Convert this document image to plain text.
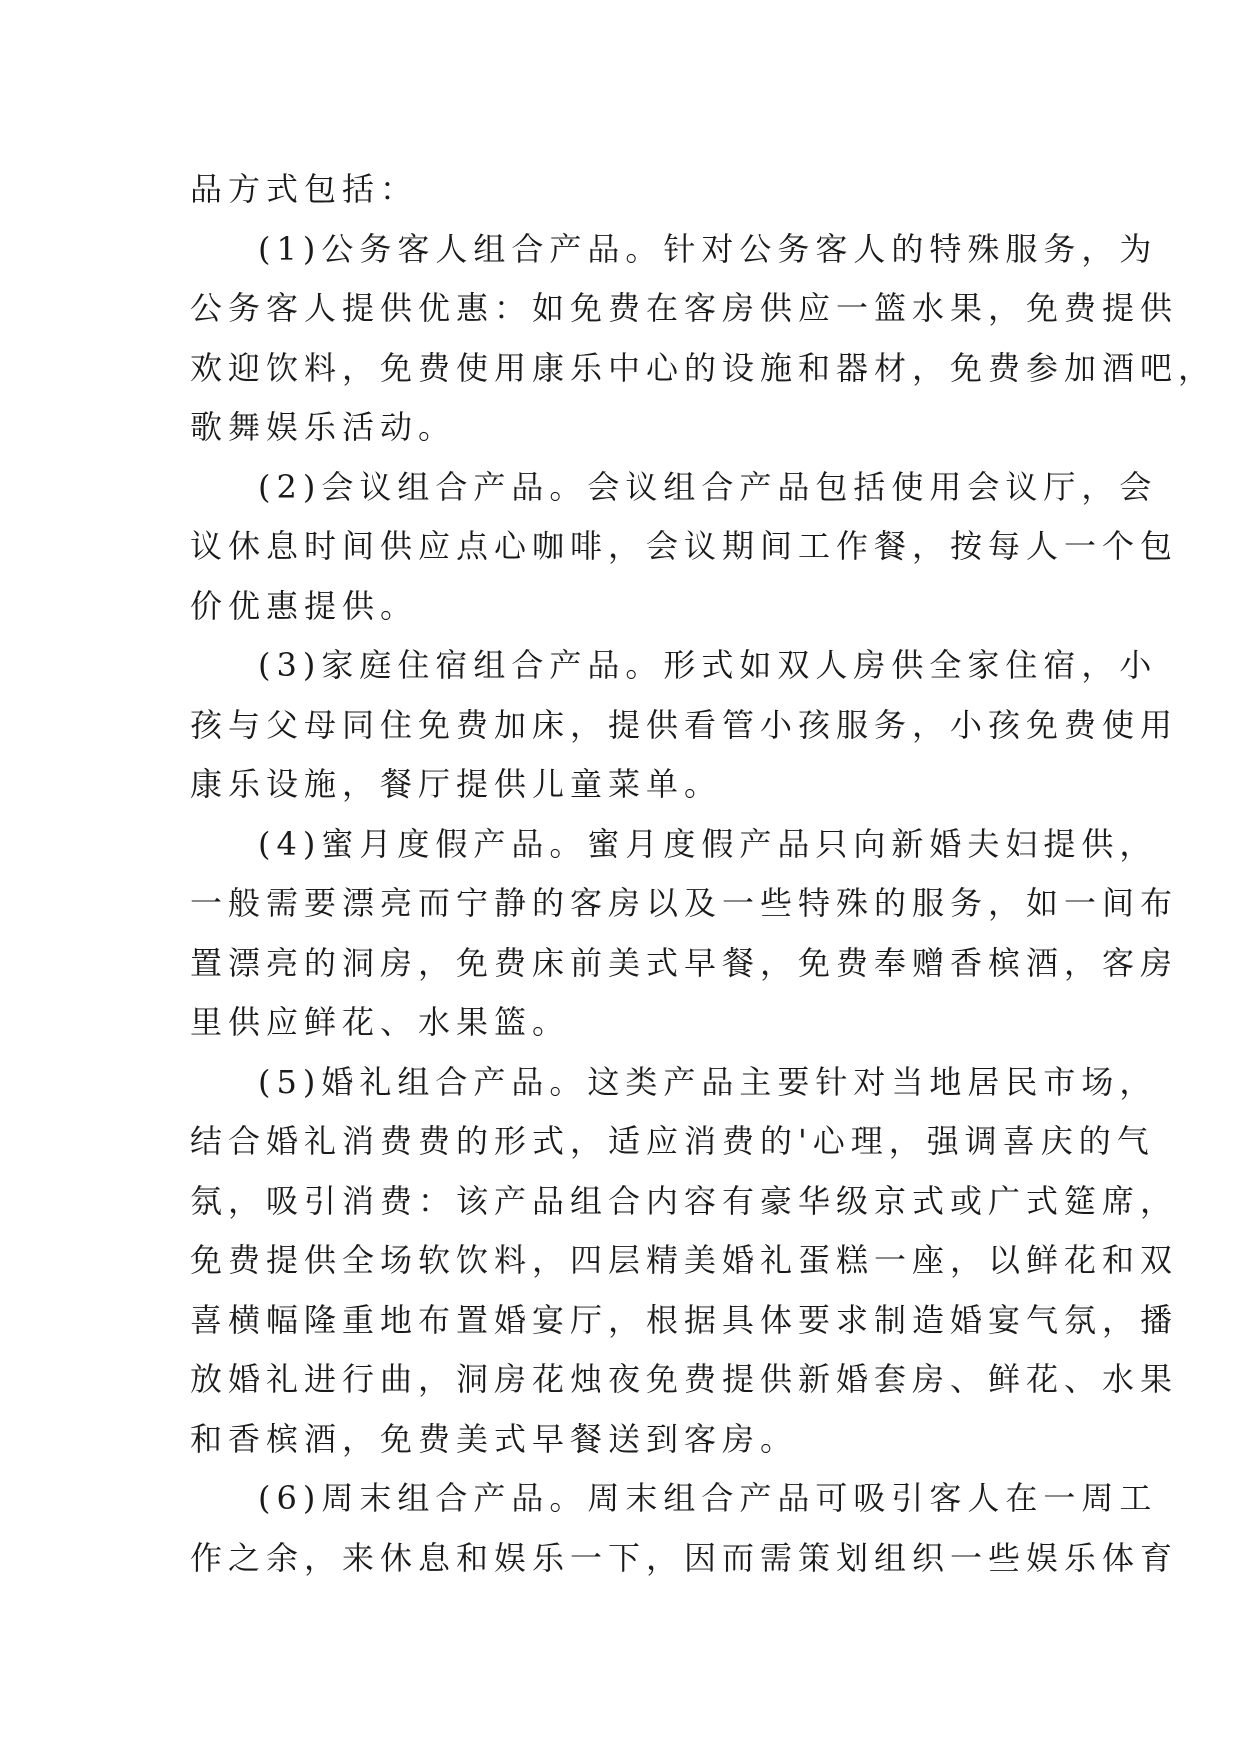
品方式包括：
(1)公务客人组合产品。针对公务客人的特殊服务，为
公务客人提供优惠：如免费在客房供应一篮水果，免费提供
欢迎饮料，免费使用康乐中心的设施和器材，免费参加酒吧，
歌舞娱乐活动。
(2)会议组合产品。会议组合产品包括使用会议厅，会
议休息时间供应点心咖啡，会议期间工作餐，按每人一个包
价优惠提供。
(3)家庭住宿组合产品。形式如双人房供全家住宿，小
孩与父母同住免费加床，提供看管小孩服务，小孩免费使用
康乐设施，餐厅提供儿童菜单。
(4)蜜月度假产品。蜜月度假产品只向新婚夫妇提供，
一般需要漂亮而宁静的客房以及一些特殊的服务，如一间布
置漂亮的洞房，免费床前美式早餐，免费奉赠香槟酒，客房
里供应鲜花、水果篮。
(5)婚礼组合产品。这类产品主要针对当地居民市场，
结合婚礼消费费的形式，适应消费的'心理，强调喜庆的气
氛，吸引消费：该产品组合内容有豪华级京式或广式筵席，
免费提供全场软饮料，四层精美婚礼蛋糕一座，以鲜花和双
喜横幅隆重地布置婚宴厅，根据具体要求制造婚宴气氛，播
放婚礼进行曲，洞房花烛夜免费提供新婚套房、鲜花、水果
和香槟酒，免费美式早餐送到客房。
(6)周末组合产品。周末组合产品可吸引客人在一周工
作之余，来休息和娱乐一下，因而需策划组织一些娱乐体育
